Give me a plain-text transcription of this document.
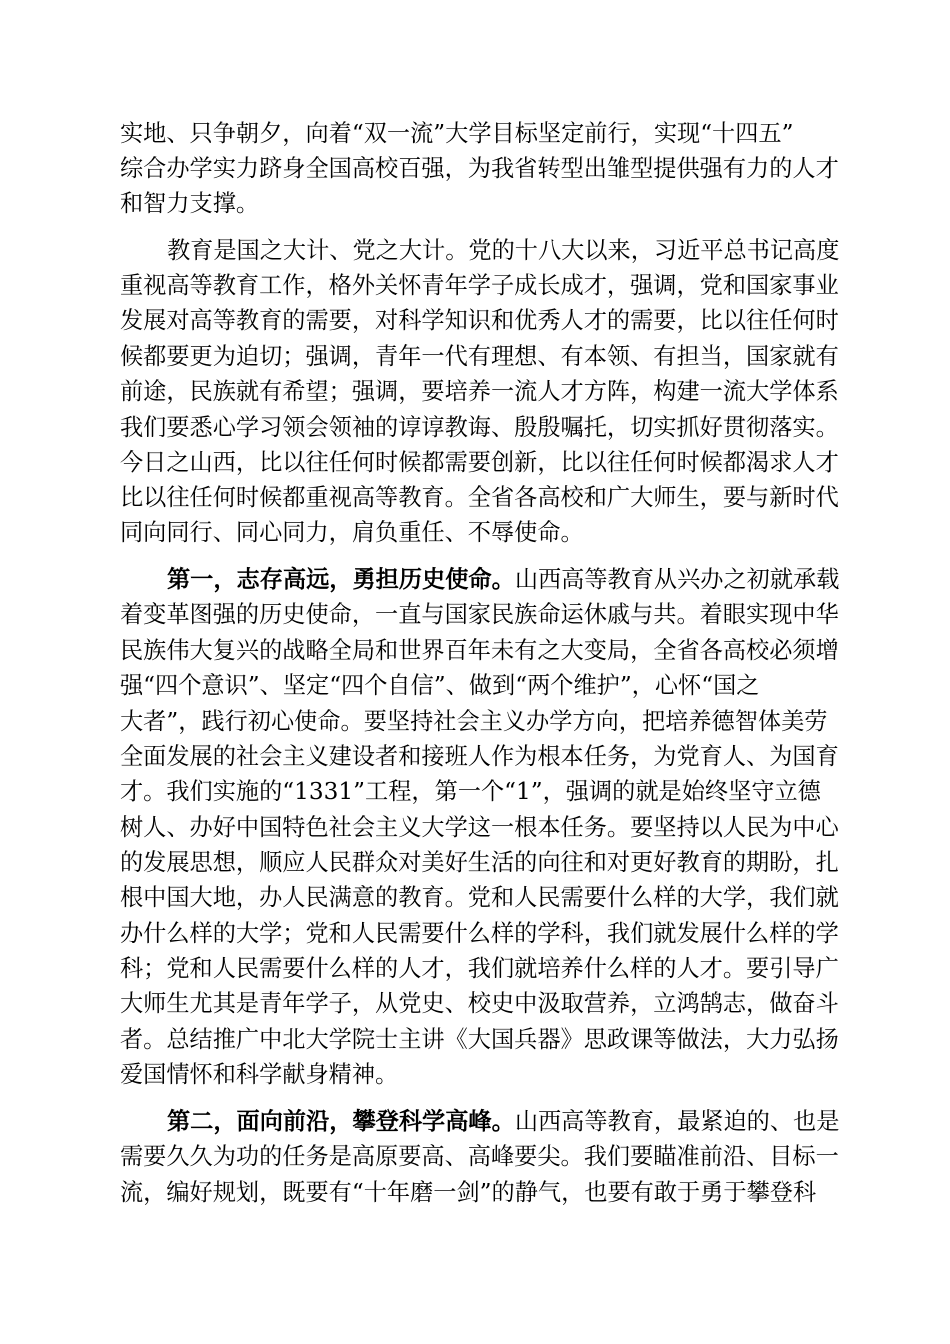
实地、只争朝夕，向着“双一流”大学目标坚定前行，实现“十四五”
综合办学实力跻身全国高校百强，为我省转型出雏型提供强有力的人才
和智力支撑。
教育是国之大计、党之大计。党的十八大以来，习近平总书记高度
重视高等教育工作，格外关怀青年学子成长成才，强调，党和国家事业
发展对高等教育的需要，对科学知识和优秀人才的需要，比以往任何时
候都要更为迫切；强调，青年一代有理想、有本领、有担当，国家就有
前途，民族就有希望；强调，要培养一流人才方阵，构建一流大学体系
我们要悉心学习领会领袖的谆谆教诲、殷殷嘱托，切实抓好贯彻落实。
今日之山西，比以往任何时候都需要创新，比以往任何时候都渴求人才
比以往任何时候都重视高等教育。全省各高校和广大师生，要与新时代
同向同行、同心同力，肩负重任、不辱使命。
第一，志存高远，勇担历史使命。山西高等教育从兴办之初就承载
着变革图强的历史使命，一直与国家民族命运休戚与共。着眼实现中华
民族伟大复兴的战略全局和世界百年未有之大变局，全省各高校必须增
强“四个意识”、坚定“四个自信”、做到“两个维护”，心怀“国之
大者”，践行初心使命。要坚持社会主义办学方向，把培养德智体美劳
全面发展的社会主义建设者和接班人作为根本任务，为党育人、为国育
才。我们实施的“1331”工程，第一个“1”，强调的就是始终坚守立德
树人、办好中国特色社会主义大学这一根本任务。要坚持以人民为中心
的发展思想，顺应人民群众对美好生活的向往和对更好教育的期盼，扎
根中国大地，办人民满意的教育。党和人民需要什么样的大学，我们就
办什么样的大学；党和人民需要什么样的学科，我们就发展什么样的学
科；党和人民需要什么样的人才，我们就培养什么样的人才。要引导广
大师生尤其是青年学子，从党史、校史中汲取营养，立鸿鹄志，做奋斗
者。总结推广中北大学院士主讲《大国兵器》思政课等做法，大力弘扬
爱国情怀和科学献身精神。
第二，面向前沿，攀登科学高峰。山西高等教育，最紧迫的、也是
需要久久为功的任务是高原要高、高峰要尖。我们要瞄准前沿、目标一
流，编好规划，既要有“十年磨一剑”的静气，也要有敢于勇于攀登科
